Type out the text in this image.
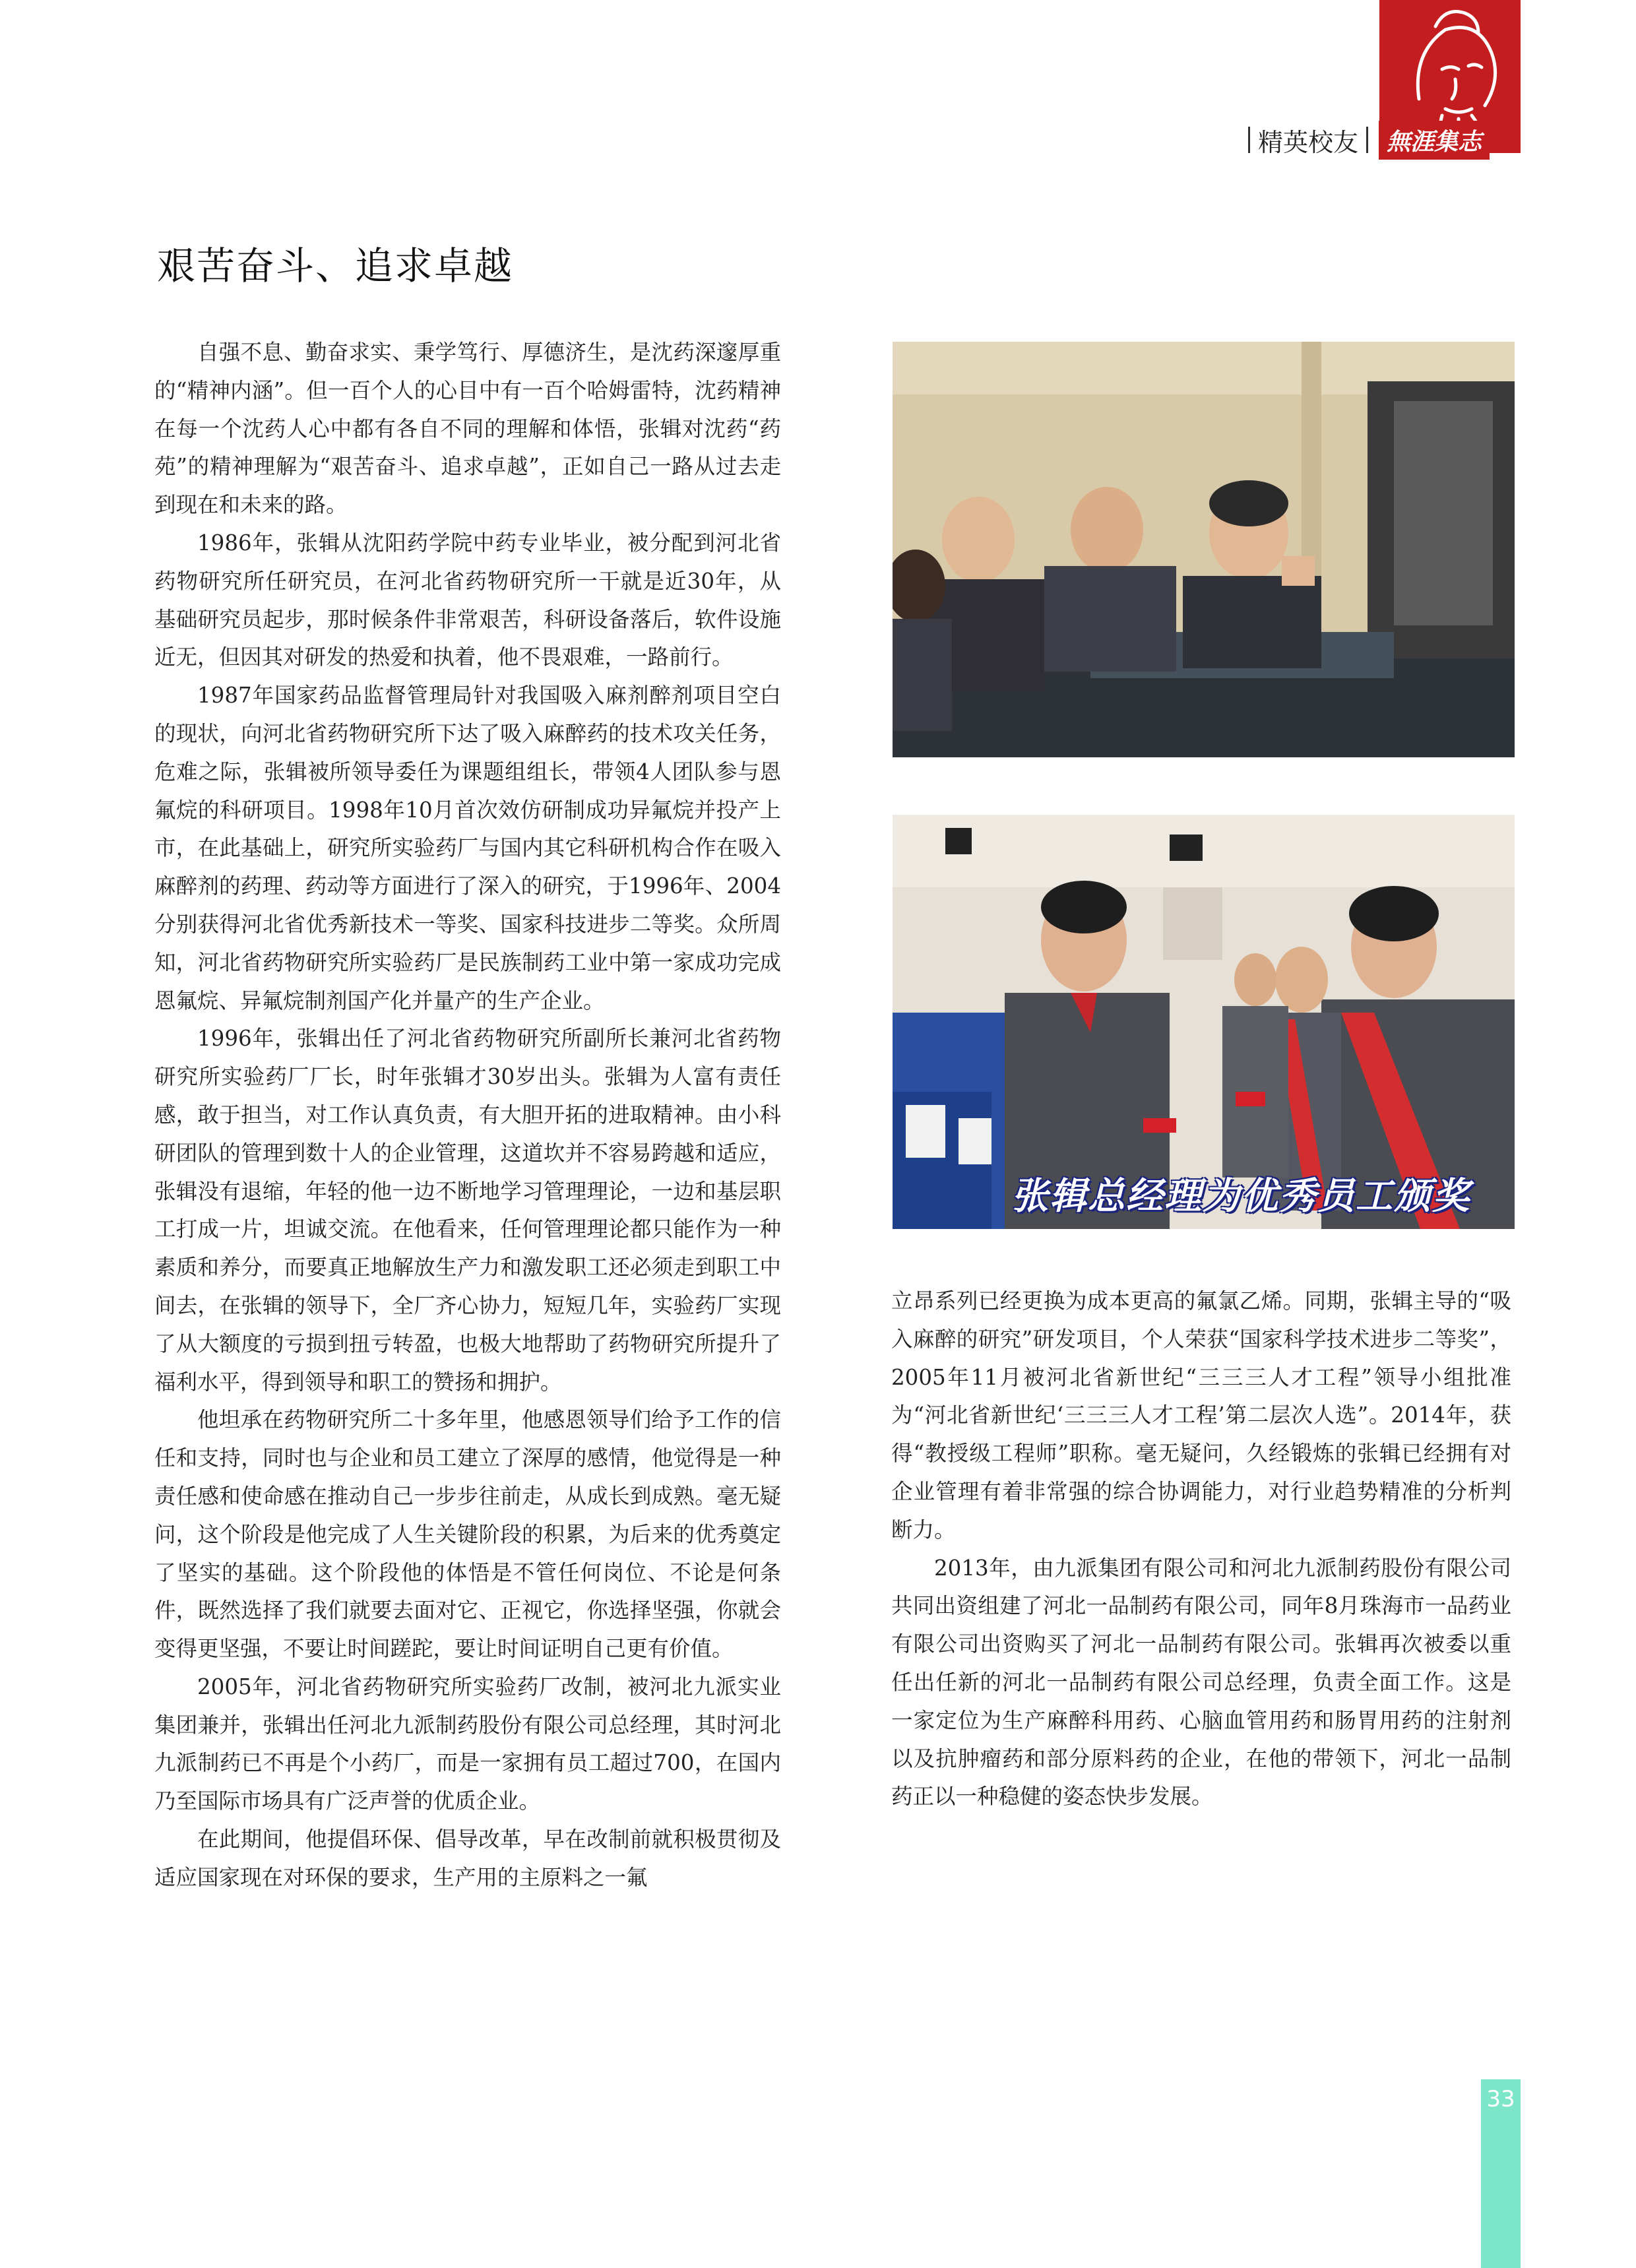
精英校友	無涯集志
艰苦奋斗、追求卓越

自强不息、勤奋求实、秉学笃行、厚德济生，是沈药深邃厚重的“精神内涵”。但一百个人的心目中有一百个哈姆雷特，沈药精神在每一个沈药人心中都有各自不同的理解和体悟，张辑对沈药“药苑”的精神理解为“艰苦奋斗、追求卓越”，正如自己一路从过去走到现在和未来的路。

1986年，张辑从沈阳药学院中药专业毕业，被分配到河北省药物研究所任研究员，在河北省药物研究所一干就是近30年，从基础研究员起步，那时候条件非常艰苦，科研设备落后，软件设施近无，但因其对研发的热爱和执着，他不畏艰难，一路前行。

1987年国家药品监督管理局针对我国吸入麻剂醉剂项目空白的现状，向河北省药物研究所下达了吸入麻醉药的技术攻关任务，危难之际，张辑被所领导委任为课题组组长，带领4人团队参与恩氟烷的科研项目。1998年10月首次效仿研制成功异氟烷并投产上市，在此基础上，研究所实验药厂与国内其它科研机构合作在吸入麻醉剂的药理、药动等方面进行了深入的研究，于1996年、2004分别获得河北省优秀新技术一等奖、国家科技进步二等奖。众所周知，河北省药物研究所实验药厂是民族制药工业中第一家成功完成恩氟烷、异氟烷制剂国产化并量产的生产企业。

1996年，张辑出任了河北省药物研究所副所长兼河北省药物研究所实验药厂厂长，时年张辑才30岁出头。张辑为人富有责任感，敢于担当，对工作认真负责，有大胆开拓的进取精神。由小科研团队的管理到数十人的企业管理，这道坎并不容易跨越和适应，张辑没有退缩，年轻的他一边不断地学习管理理论，一边和基层职工打成一片，坦诚交流。在他看来，任何管理理论都只能作为一种素质和养分，而要真正地解放生产力和激发职工还必须走到职工中间去，在张辑的领导下，全厂齐心协力，短短几年，实验药厂实现了从大额度的亏损到扭亏转盈，也极大地帮助了药物研究所提升了福利水平，得到领导和职工的赞扬和拥护。

他坦承在药物研究所二十多年里，他感恩领导们给予工作的信任和支持，同时也与企业和员工建立了深厚的感情，他觉得是一种责任感和使命感在推动自己一步步往前走，从成长到成熟。毫无疑问，这个阶段是他完成了人生关键阶段的积累，为后来的优秀奠定了坚实的基础。这个阶段他的体悟是不管任何岗位、不论是何条件，既然选择了我们就要去面对它、正视它，你选择坚强，你就会变得更坚强，不要让时间蹉跎，要让时间证明自己更有价值。

2005年，河北省药物研究所实验药厂改制，被河北九派实业集团兼并，张辑出任河北九派制药股份有限公司总经理，其时河北九派制药已不再是个小药厂，而是一家拥有员工超过700，在国内乃至国际市场具有广泛声誉的优质企业。

在此期间，他提倡环保、倡导改革，早在改制前就积极贯彻及适应国家现在对环保的要求，生产用的主原料之一氟

张辑总经理为优秀员工颁奖

立昂系列已经更换为成本更高的氟氯乙烯。同期，张辑主导的“吸入麻醉的研究”研发项目，个人荣获“国家科学技术进步二等奖”，2005年11月被河北省新世纪“三三三人才工程”领导小组批准为“河北省新世纪‘三三三人才工程’第二层次人选”。2014年，获得“教授级工程师”职称。毫无疑问，久经锻炼的张辑已经拥有对企业管理有着非常强的综合协调能力，对行业趋势精准的分析判断力。

2013年，由九派集团有限公司和河北九派制药股份有限公司共同出资组建了河北一品制药有限公司，同年8月珠海市一品药业有限公司出资购买了河北一品制药有限公司。张辑再次被委以重任出任新的河北一品制药有限公司总经理，负责全面工作。这是一家定位为生产麻醉科用药、心脑血管用药和肠胃用药的注射剂以及抗肿瘤药和部分原料药的企业，在他的带领下，河北一品制药正以一种稳健的姿态快步发展。

33
